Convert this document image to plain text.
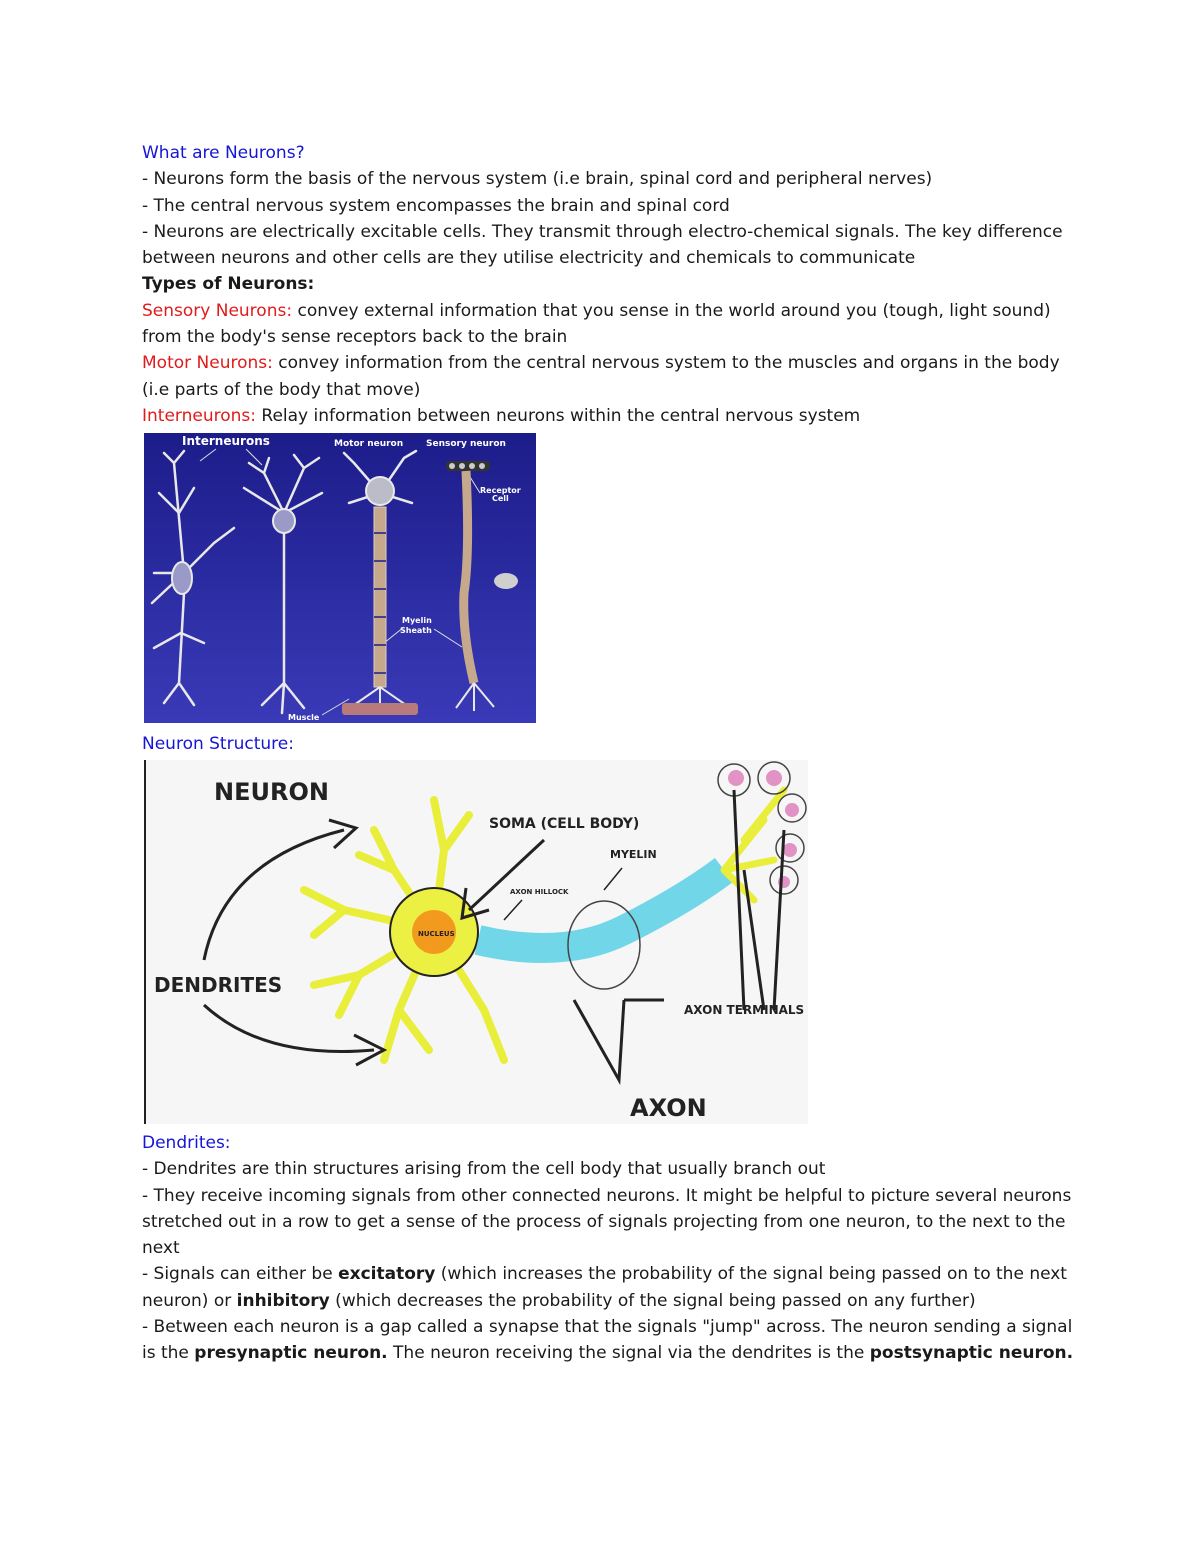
What are Neurons?

- Neurons form the basis of the nervous system (i.e brain, spinal cord and peripheral nerves)

- The central nervous system encompasses the brain and spinal cord

- Neurons are electrically excitable cells. They transmit through electro-chemical signals. The key difference between neurons and other cells are they utilise electricity and chemicals to communicate

Types of Neurons:

Sensory Neurons: convey external information that you sense in the world around you (tough, light sound) from the body's sense receptors back to the brain

Motor Neurons: convey information from the central nervous system to the muscles and organs in the body (i.e parts of the body that move)

Interneurons: Relay information between neurons within the central nervous system

Interneurons	Motor neuron	Sensory neuron
Receptor
Cell
Myelin
Sheath
Muscle

Neuron Structure:

NEURON
NUCLEUS
SOMA (CELL BODY)
MYELIN
AXON HILLOCK
DENDRITES
AXON TERMINALS
AXON

Dendrites:

- Dendrites are thin structures arising from the cell body that usually branch out

- They receive incoming signals from other connected neurons. It might be helpful to picture several neurons stretched out in a row to get a sense of the process of signals projecting from one neuron, to the next to the next

- Signals can either be excitatory (which increases the probability of the signal being passed on to the next neuron) or inhibitory (which decreases the probability of the signal being passed on any further)

- Between each neuron is a gap called a synapse that the signals "jump" across. The neuron sending a signal is the presynaptic neuron. The neuron receiving the signal via the dendrites is the postsynaptic neuron.
